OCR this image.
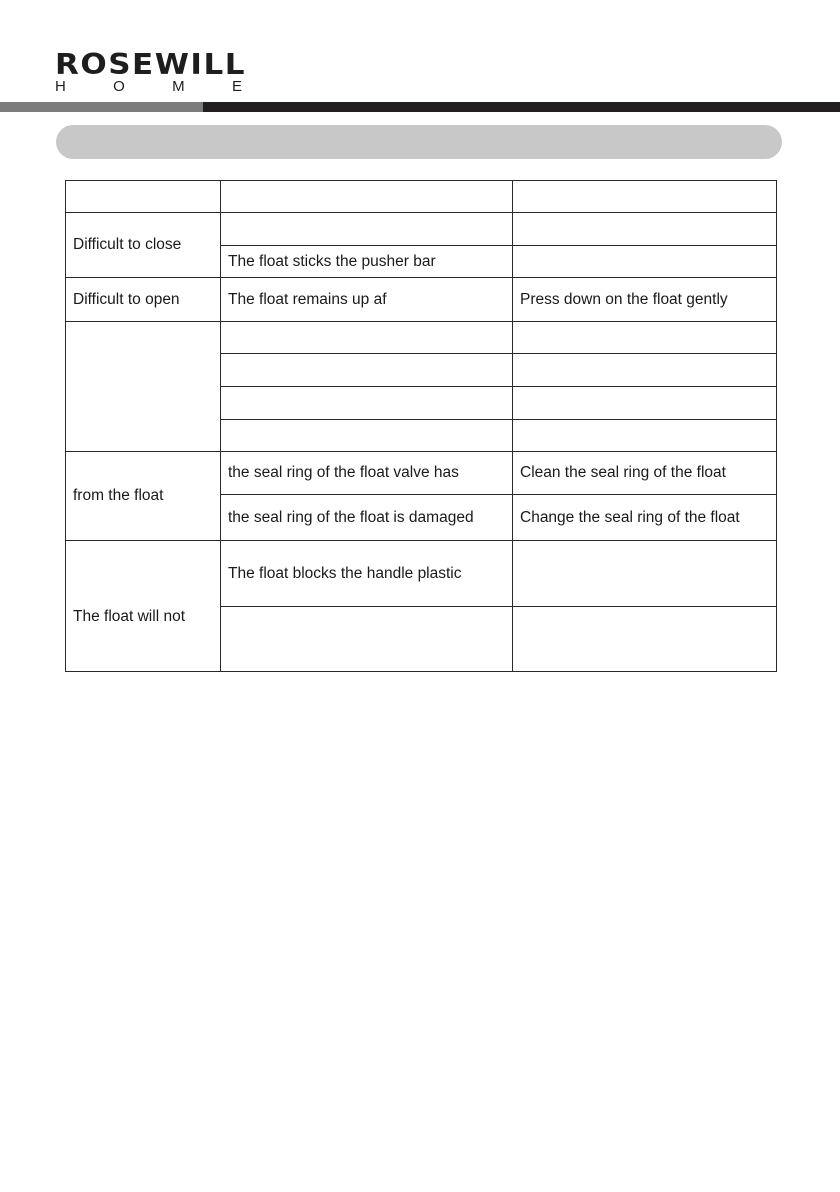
ROSEWILL
H	O	M	E

Difficult to close		
	The float sticks the pusher bar	
Difficult to open	The float remains up af	Press down on the float gently

from the float	the seal ring of the float valve has	Clean the seal ring of the float
	the seal ring of the float is damaged	Change the seal ring of the float
The float will not	The float blocks the handle plastic	
